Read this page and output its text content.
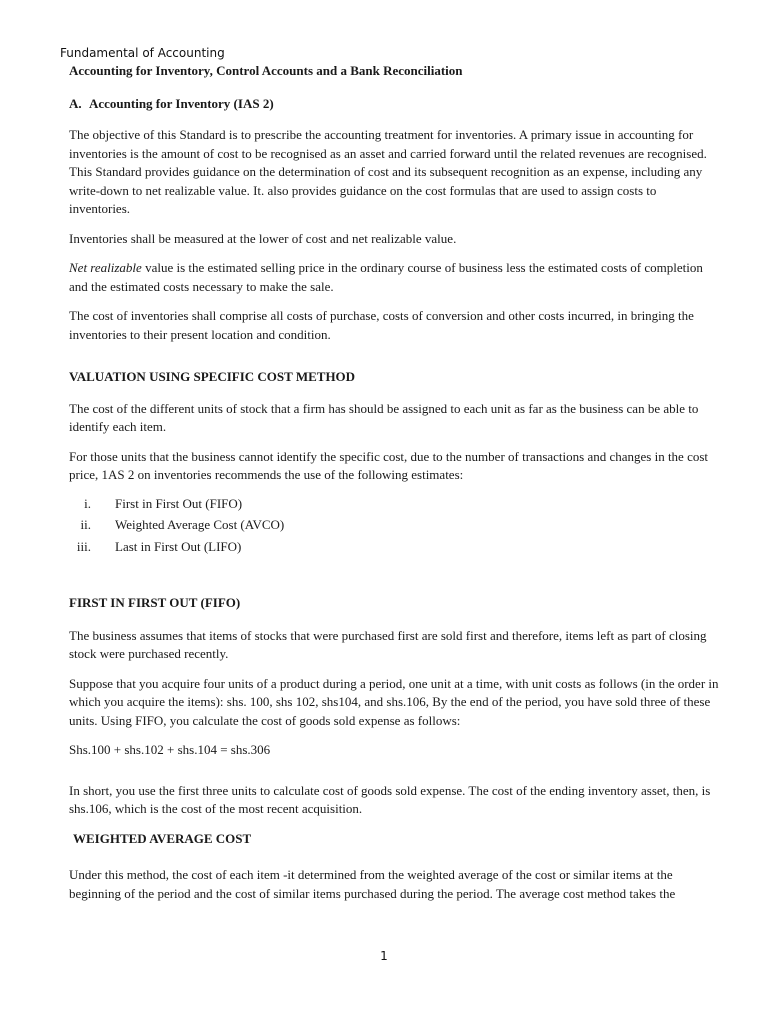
Fundamental of Accounting
Accounting for Inventory, Control Accounts and a Bank Reconciliation
A. Accounting for Inventory (IAS 2)

The objective of this Standard is to prescribe the accounting treatment for inventories. A primary issue in accounting for inventories is the amount of cost to be recognised as an asset and carried forward until the related revenues are recognised. This Standard provides guidance on the determination of cost and its subsequent recognition as an expense, including any write-down to net realizable value. It. also provides guidance on the cost formulas that are used to assign costs to inventories.

Inventories shall be measured at the lower of cost and net realizable value.

Net realizable value is the estimated selling price in the ordinary course of business less the estimated costs of completion and the estimated costs necessary to make the sale.

The cost of inventories shall comprise all costs of purchase, costs of conversion and other costs incurred, in bringing the inventories to their present location and condition.

VALUATION USING SPECIFIC COST METHOD

The cost of the different units of stock that a firm has should be assigned to each unit as far as the business can be able to identify each item.

For those units that the business cannot identify the specific cost, due to the number of transactions and changes in the cost price, 1AS 2 on inventories recommends the use of the following estimates:

i.	First in First Out (FIFO)
ii.	Weighted Average Cost (AVCO)
iii.	Last in First Out (LIFO)
FIRST IN FIRST OUT (FIFO)

The business assumes that items of stocks that were purchased first are sold first and therefore, items left as part of closing stock were purchased recently.

Suppose that you acquire four units of a product during a period, one unit at a time, with unit costs as follows (in the order in which you acquire the items): shs. 100, shs 102, shs104, and shs.106, By the end of the period, you have sold three of these units. Using FIFO, you calculate the cost of goods sold expense as follows:

Shs.100 + shs.102 + shs.104 = shs.306

In short, you use the first three units to calculate cost of goods sold expense. The cost of the ending inventory asset, then, is shs.106, which is the cost of the most recent acquisition.

WEIGHTED AVERAGE COST

Under this method, the cost of each item -it determined from the weighted average of the cost or similar items at the beginning of the period and the cost of similar items purchased during the period. The average cost method takes the

1
